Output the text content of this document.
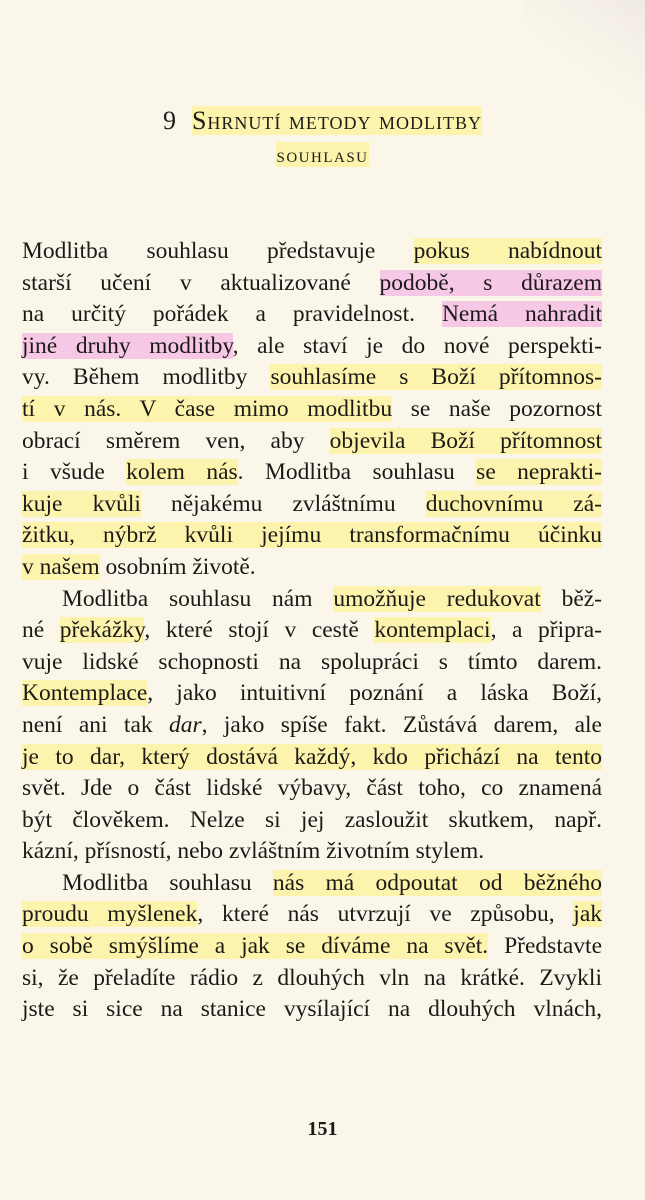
9 Shrnutí metody modlitby
souhlasu
Modlitba souhlasu představuje pokus nabídnout
starší učení v aktualizované podobě, s důrazem
na určitý pořádek a pravidelnost. Nemá nahradit
jiné druhy modlitby, ale staví je do nové perspekti-
vy. Během modlitby souhlasíme s Boží přítomnos-
tí v nás. V čase mimo modlitbu se naše pozornost
obrací směrem ven, aby objevila Boží přítomnost
i všude kolem nás. Modlitba souhlasu se neprakti-
kuje kvůli nějakému zvláštnímu duchovnímu zá-
žitku, nýbrž kvůli jejímu transformačnímu účinku
v našem osobním životě.
Modlitba souhlasu nám umožňuje redukovat běž-
né překážky, které stojí v cestě kontemplaci, a připra-
vuje lidské schopnosti na spolupráci s tímto darem.
Kontemplace, jako intuitivní poznání a láska Boží,
není ani tak dar, jako spíše fakt. Zůstává darem, ale
je to dar, který dostává každý, kdo přichází na tento
svět. Jde o část lidské výbavy, část toho, co znamená
být člověkem. Nelze si jej zasloužit skutkem, např.
kázní, přísností, nebo zvláštním životním stylem.
Modlitba souhlasu nás má odpoutat od běžného
proudu myšlenek, které nás utvrzují ve způsobu, jak
o sobě smýšlíme a jak se díváme na svět. Představte
si, že přeladíte rádio z dlouhých vln na krátké. Zvykli
jste si sice na stanice vysílající na dlouhých vlnách,
151
